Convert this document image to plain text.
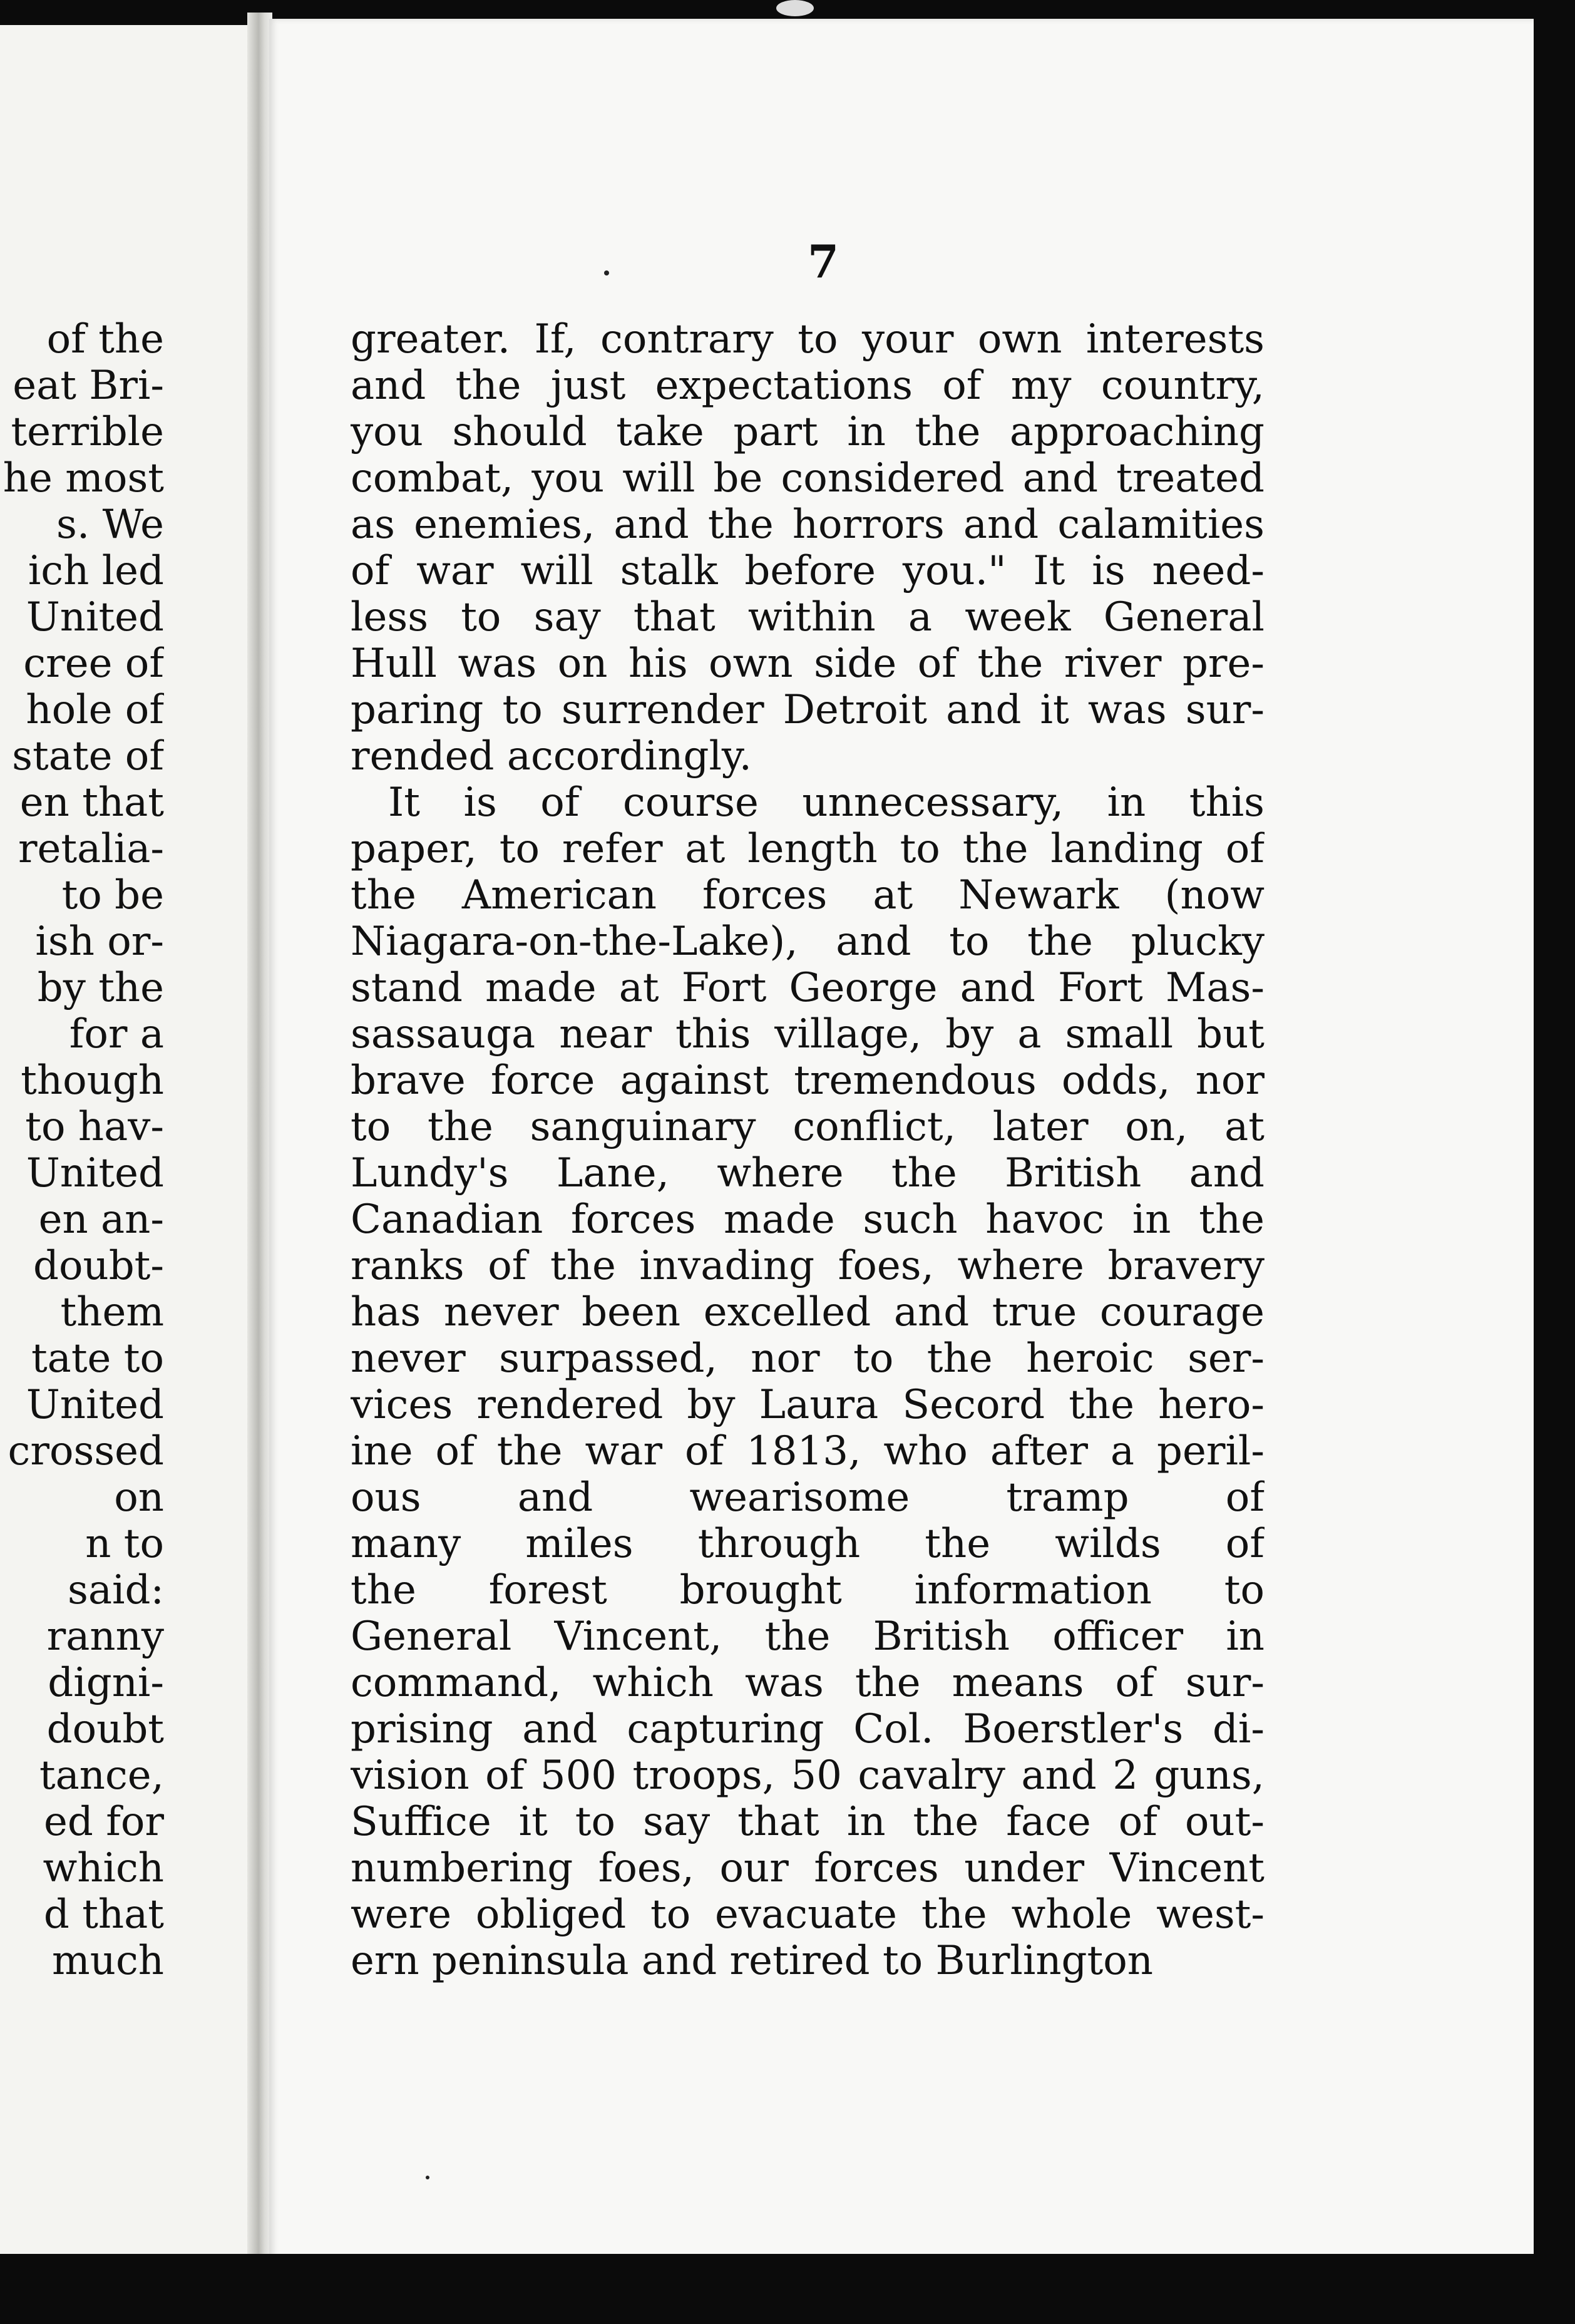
7
of the
eat Bri-
terrible
he most
s. We
ich led
United
cree of
hole of
state of
en that
retalia-
to be
ish or-
by the
for a
though
to hav-
United
en an-
doubt-
them
tate to
United
crossed
on
n to
said:
ranny
digni-
doubt
tance,
ed for
which
d that
much
greater. If, contrary to your own interests
and the just expectations of my country,
you should take part in the approaching
combat, you will be considered and treated
as enemies, and the horrors and calamities
of war will stalk before you." It is need-
less to say that within a week General
Hull was on his own side of the river pre-
paring to surrender Detroit and it was sur-
rended accordingly.
It is of course unnecessary, in this
paper, to refer at length to the landing of
the American forces at Newark (now
Niagara-on-the-Lake), and to the plucky
stand made at Fort George and Fort Mas-
sassauga near this village, by a small but
brave force against tremendous odds, nor
to the sanguinary conflict, later on, at
Lundy's Lane, where the British and
Canadian forces made such havoc in the
ranks of the invading foes, where bravery
has never been excelled and true courage
never surpassed, nor to the heroic ser-
vices rendered by Laura Secord the hero-
ine of the war of 1813, who after a peril-
ous and wearisome tramp of
many miles through the wilds of
the forest brought information to
General Vincent, the British officer in
command, which was the means of sur-
prising and capturing Col. Boerstler's di-
vision of 500 troops, 50 cavalry and 2 guns,
Suffice it to say that in the face of out-
numbering foes, our forces under Vincent
were obliged to evacuate the whole west-
ern peninsula and retired to Burlington
